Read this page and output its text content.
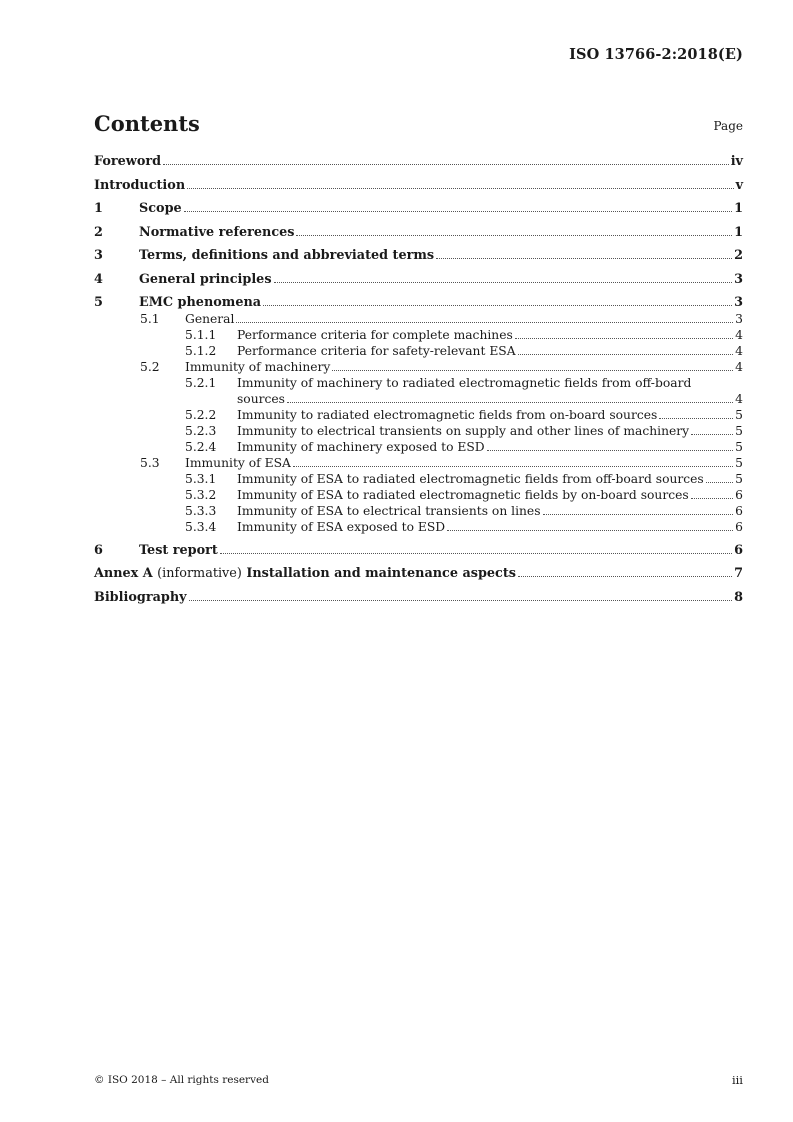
ISO 13766-2:2018(E)
Contents	Page
Foreword	iv
Introduction	v
1	Scope	1
2	Normative references	1
3	Terms, definitions and abbreviated terms	2
4	General principles	3
5	EMC phenomena	3
5.1	General	3
5.1.1	Performance criteria for complete machines	4
5.1.2	Performance criteria for safety-relevant ESA	4
5.2	Immunity of machinery	4
5.2.1	Immunity of machinery to radiated electromagnetic fields from off-board
sources	4
5.2.2	Immunity to radiated electromagnetic fields from on-board sources	5
5.2.3	Immunity to electrical transients on supply and other lines of machinery	5
5.2.4	Immunity of machinery exposed to ESD	5
5.3	Immunity of ESA	5
5.3.1	Immunity of ESA to radiated electromagnetic fields from off-board sources	5
5.3.2	Immunity of ESA to radiated electromagnetic fields by on-board sources	6
5.3.3	Immunity of ESA to electrical transients on lines	6
5.3.4	Immunity of ESA exposed to ESD	6
6	Test report	6
Annex A (informative) Installation and maintenance aspects	7
Bibliography	8
© ISO 2018 – All rights reserved	iii
